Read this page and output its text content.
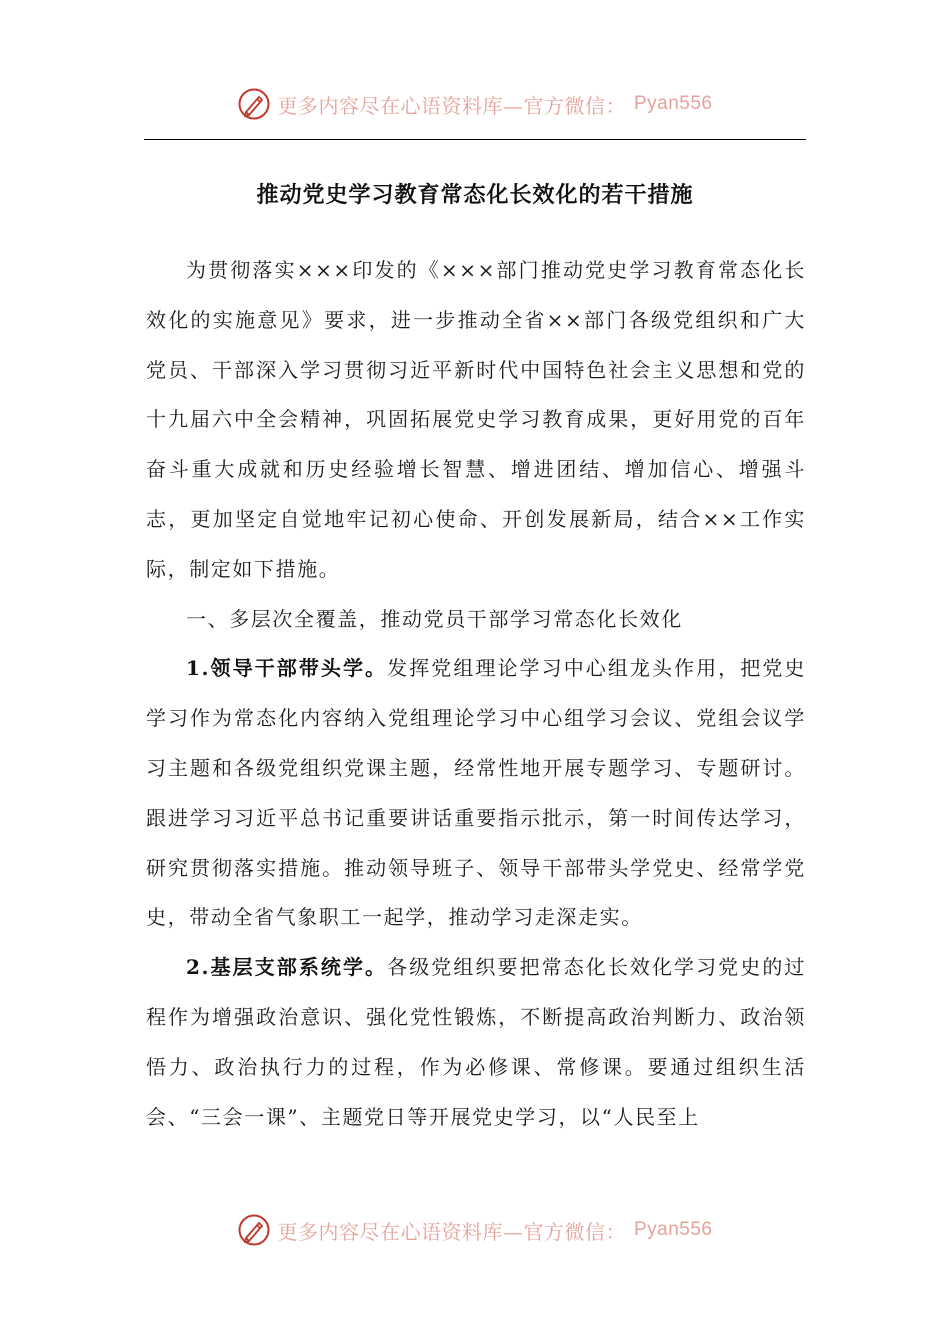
更多内容尽在心语资料库—官方微信： Pyan556
推动党史学习教育常态化长效化的若干措施

为贯彻落实×××印发的《×××部门推动党史学习教育常态化长效化的实施意见》要求，进一步推动全省××部门各级党组织和广大党员、干部深入学习贯彻习近平新时代中国特色社会主义思想和党的十九届六中全会精神，巩固拓展党史学习教育成果，更好用党的百年奋斗重大成就和历史经验增长智慧、增进团结、增加信心、增强斗志，更加坚定自觉地牢记初心使命、开创发展新局，结合××工作实际，制定如下措施。

一、多层次全覆盖，推动党员干部学习常态化长效化

1.领导干部带头学。发挥党组理论学习中心组龙头作用，把党史学习作为常态化内容纳入党组理论学习中心组学习会议、党组会议学习主题和各级党组织党课主题，经常性地开展专题学习、专题研讨。跟进学习习近平总书记重要讲话重要指示批示，第一时间传达学习，研究贯彻落实措施。推动领导班子、领导干部带头学党史、经常学党史，带动全省气象职工一起学，推动学习走深走实。

2.基层支部系统学。各级党组织要把常态化长效化学习党史的过程作为增强政治意识、强化党性锻炼，不断提高政治判断力、政治领悟力、政治执行力的过程，作为必修课、常修课。要通过组织生活会、“三会一课”、主题党日等开展党史学习，以“人民至上

更多内容尽在心语资料库—官方微信： Pyan556
